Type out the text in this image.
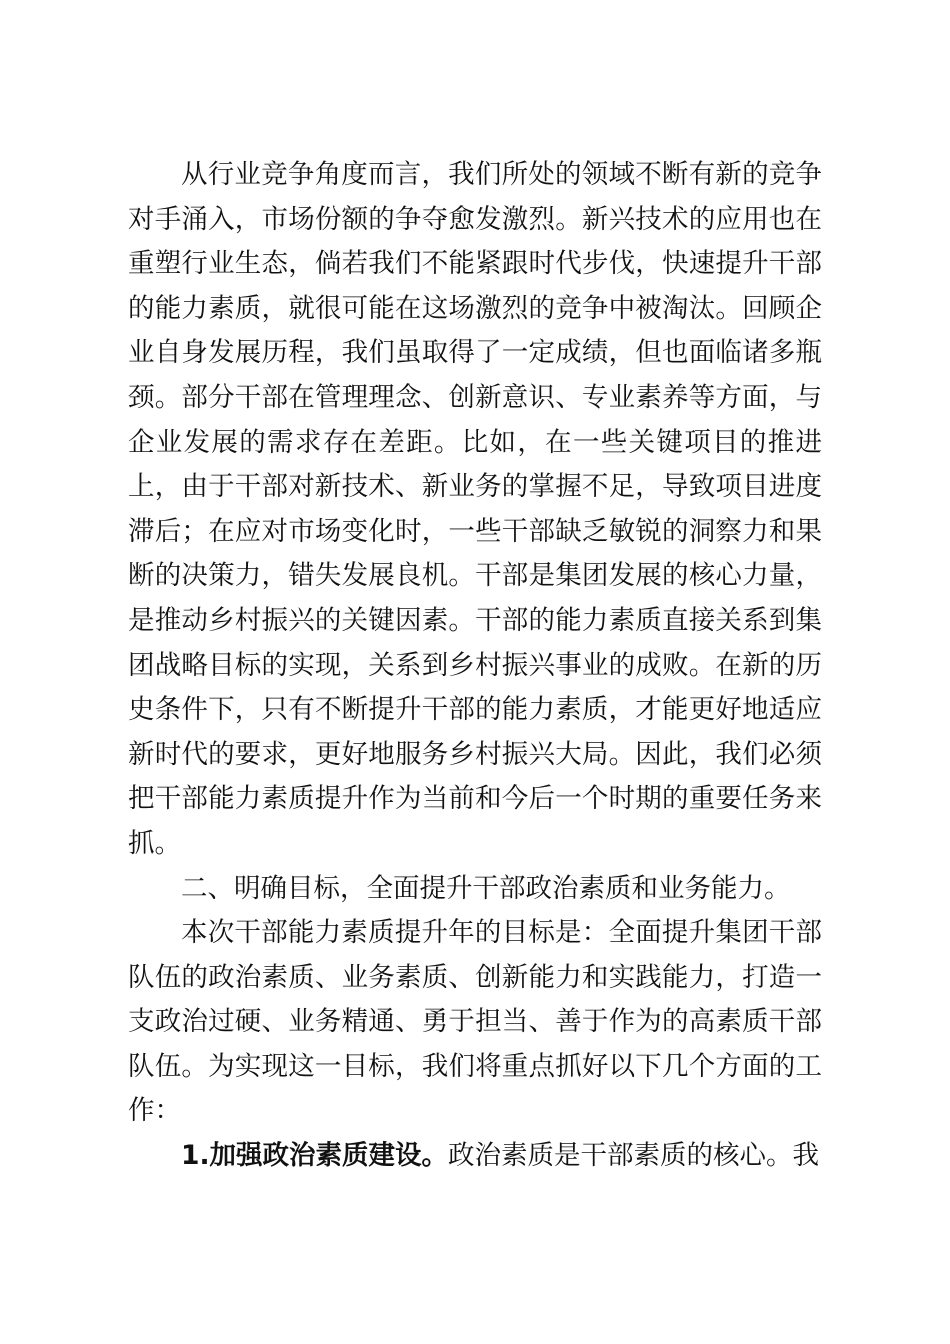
从行业竞争角度而言，我们所处的领域不断有新的竞争对手涌入，市场份额的争夺愈发激烈。新兴技术的应用也在重塑行业生态，倘若我们不能紧跟时代步伐，快速提升干部的能力素质，就很可能在这场激烈的竞争中被淘汰。回顾企业自身发展历程，我们虽取得了一定成绩，但也面临诸多瓶颈。部分干部在管理理念、创新意识、专业素养等方面，与企业发展的需求存在差距。比如，在一些关键项目的推进上，由于干部对新技术、新业务的掌握不足，导致项目进度滞后；在应对市场变化时，一些干部缺乏敏锐的洞察力和果断的决策力，错失发展良机。干部是集团发展的核心力量，是推动乡村振兴的关键因素。干部的能力素质直接关系到集团战略目标的实现，关系到乡村振兴事业的成败。在新的历史条件下，只有不断提升干部的能力素质，才能更好地适应新时代的要求，更好地服务乡村振兴大局。因此，我们必须把干部能力素质提升作为当前和今后一个时期的重要任务来抓。

二、明确目标，全面提升干部政治素质和业务能力。

本次干部能力素质提升年的目标是：全面提升集团干部队伍的政治素质、业务素质、创新能力和实践能力，打造一支政治过硬、业务精通、勇于担当、善于作为的高素质干部队伍。为实现这一目标，我们将重点抓好以下几个方面的工作：

1.加强政治素质建设。政治素质是干部素质的核心。我
